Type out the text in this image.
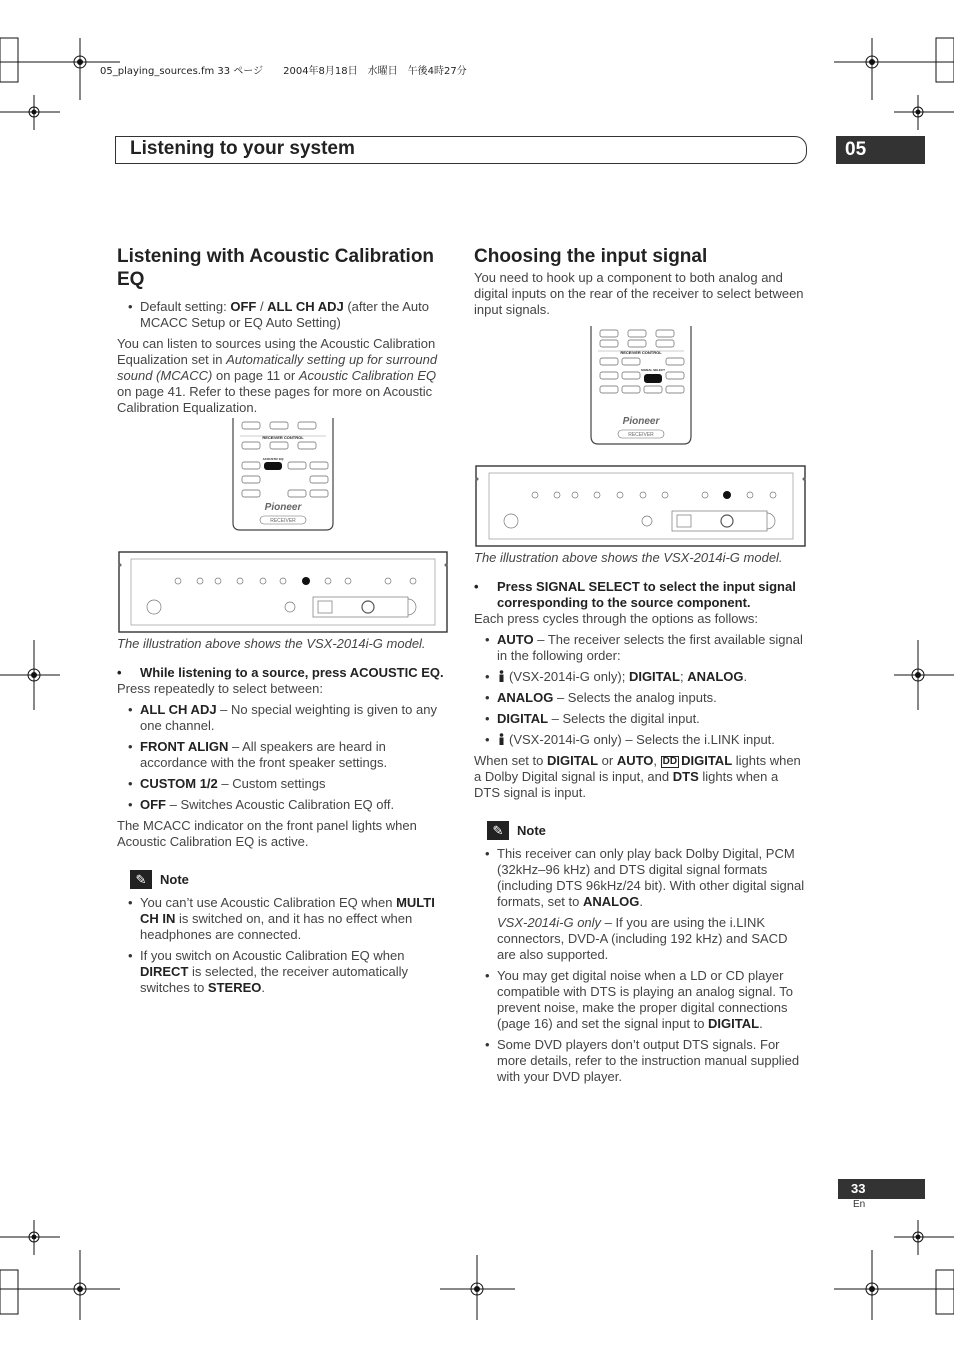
05_playing_sources.fm 33 ページ　　2004年8月18日　水曜日　午後4時27分
Listening to your system	05
Listening with Acoustic Calibration EQ
• Default setting: OFF / ALL CH ADJ (after the Auto MCACC Setup or EQ Auto Setting)

You can listen to sources using the Acoustic Calibration Equalization set in Automatically setting up for surround sound (MCACC) on page 11 or Acoustic Calibration EQ on page 41. Refer to these pages for more on Acoustic Calibration Equalization.

RECEIVER CONTROL
ACOUSTIC EQ
Pioneer
RECEIVER

The illustration above shows the VSX-2014i-G model.

• While listening to a source, press ACOUSTIC EQ.

Press repeatedly to select between:

• ALL CH ADJ – No special weighting is given to any one channel.
• FRONT ALIGN – All speakers are heard in accordance with the front speaker settings.
• CUSTOM 1/2 – Custom settings
• OFF – Switches Acoustic Calibration EQ off.

The MCACC indicator on the front panel lights when Acoustic Calibration EQ is active.

✎	Note
• You can’t use Acoustic Calibration EQ when MULTI CH IN is switched on, and it has no effect when headphones are connected.
• If you switch on Acoustic Calibration EQ when DIRECT is selected, the receiver automatically switches to STEREO.
Choosing the input signal

You need to hook up a component to both analog and digital inputs on the rear of the receiver to select between input signals.

RECEIVER CONTROL
SIGNAL SELECT
Pioneer
RECEIVER

The illustration above shows the VSX-2014i-G model.

• Press SIGNAL SELECT to select the input signal corresponding to the source component.

Each press cycles through the options as follows:

• AUTO – The receiver selects the first available signal in the following order:
• (VSX-2014i-G only); DIGITAL; ANALOG.
• ANALOG – Selects the analog inputs.
• DIGITAL – Selects the digital input.
• (VSX-2014i-G only) – Selects the i.LINK input.

When set to DIGITAL or AUTO, DD DIGITAL lights when a Dolby Digital signal is input, and DTS lights when a DTS signal is input.

✎	Note
• This receiver can only play back Dolby Digital, PCM (32kHz–96 kHz) and DTS digital signal formats (including DTS 96kHz/24 bit). With other digital signal formats, set to ANALOG.
VSX-2014i-G only – If you are using the i.LINK connectors, DVD-A (including 192 kHz) and SACD are also supported.
• You may get digital noise when a LD or CD player compatible with DTS is playing an analog signal. To prevent noise, make the proper digital connections (page 16) and set the signal input to DIGITAL.
• Some DVD players don’t output DTS signals. For more details, refer to the instruction manual supplied with your DVD player.
33
En
